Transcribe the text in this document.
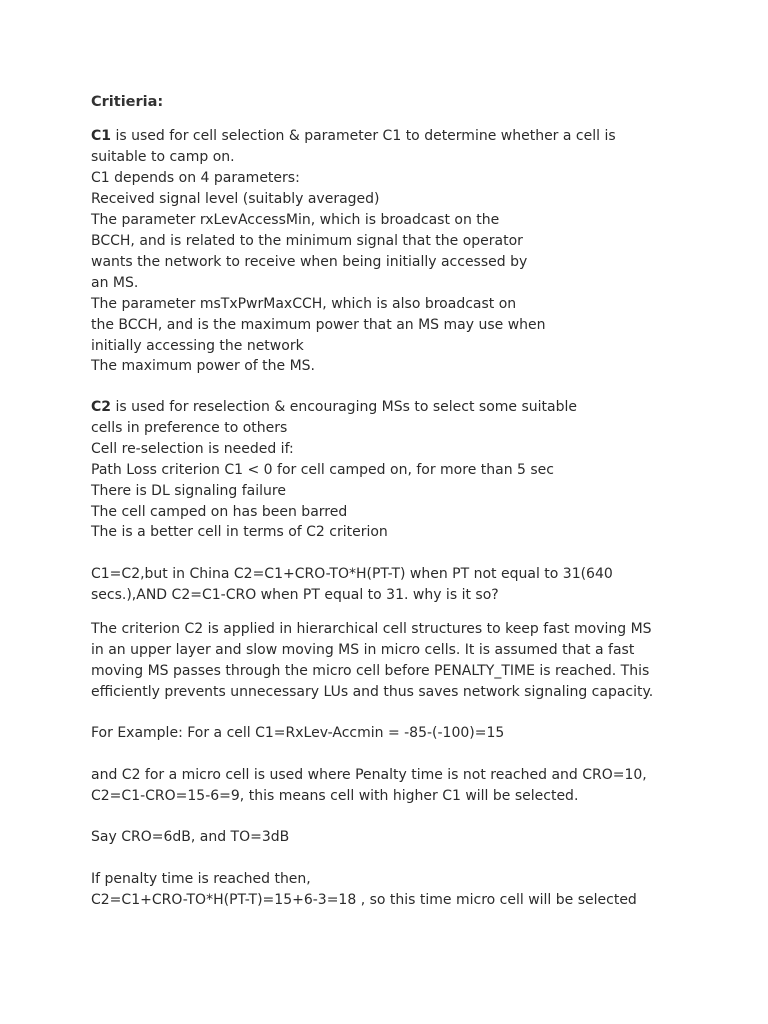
Critieria:
C1 is used for cell selection & parameter C1 to determine whether a cell is
suitable to camp on.
C1 depends on 4 parameters:
Received signal level (suitably averaged)
The parameter rxLevAccessMin, which is broadcast on the
BCCH, and is related to the minimum signal that the operator
wants the network to receive when being initially accessed by
an MS.
The parameter msTxPwrMaxCCH, which is also broadcast on
the BCCH, and is the maximum power that an MS may use when
initially accessing the network
The maximum power of the MS.
C2 is used for reselection & encouraging MSs to select some suitable
cells in preference to others
Cell re-selection is needed if:
Path Loss criterion C1 < 0 for cell camped on, for more than 5 sec
There is DL signaling failure
The cell camped on has been barred
The is a better cell in terms of C2 criterion
C1=C2,but in China C2=C1+CRO-TO*H(PT-T) when PT not equal to 31(640
secs.),AND C2=C1-CRO when PT equal to 31. why is it so?
The criterion C2 is applied in hierarchical cell structures to keep fast moving MS
in an upper layer and slow moving MS in micro cells. It is assumed that a fast
moving MS passes through the micro cell before PENALTY_TIME is reached. This
efficiently prevents unnecessary LUs and thus saves network signaling capacity.
For Example: For a cell C1=RxLev-Accmin = -85-(-100)=15
and C2 for a micro cell is used where Penalty time is not reached and CRO=10,
C2=C1-CRO=15-6=9, this means cell with higher C1 will be selected.
Say CRO=6dB, and TO=3dB
If penalty time is reached then,
C2=C1+CRO-TO*H(PT-T)=15+6-3=18 , so this time micro cell will be selected
